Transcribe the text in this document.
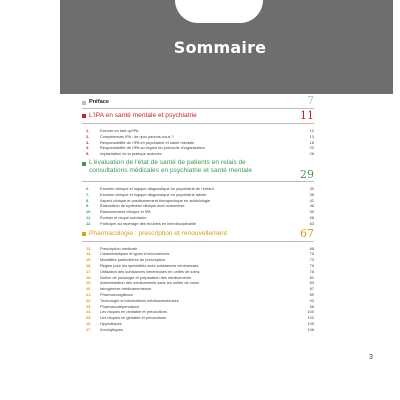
Sommaire
Préface	7
L'IPA en santé mentale et psychiatrie	11
1.	Exercer en tant qu'IPA	12
2.	Compétences IPA : de quoi parlons-nous ?	13
3.	Responsabilité de l'IPA en psychiatrie et santé mentale	18
4.	Responsabilité de l'IPA au regard du protocole d'organisation	22
5.	Implantation de la pratique avancée	26
L'évaluation de l'état de santé de patients en relais de
consultations médicales en psychiatrie et santé mentale	29
6.	Examen clinique et logique diagnostique en psychiatrie de l'enfant	30
7.	Examen clinique et logique diagnostique en psychiatrie adulte	38
8.	Aspect clinique et positionnement thérapeutique en addictologie	42
9.	Élaboration de synthèse clinique avec anamnèse	46
10.	Raisonnement clinique et IPA	50
11.	Évaluer le risque suicidaire	56
12.	Participer au repérage des troubles en interdisciplinarité	63
Pharmacologie : prescription et renouvellement	67
13.	Prescription médicale	68
14.	Caractéristiques et types d'ordonnences	70
15.	Modalités particulières de prescription	73
16.	Règles pour les spécialités avec substances vénéneuses	76
17.	Utilisation des substances vénéneuses en unités de soins	78
18.	Notion de posologie et préparation des médicaments	81
19.	Administration des médicaments dans les unités de soins	83
20.	Iatrogénèse médicamenteuse	87
21.	Pharmacovigilance	89
22.	Toxicologie et intoxications médicamenteuses	93
23.	Pharmacodépendance	96
24.	Les risques en pédiatrie et précautions	100
25.	Les risques en gériatrie et précautions	102
26.	Hypnotiques	105
27.	Anxiolytiques	106
3
